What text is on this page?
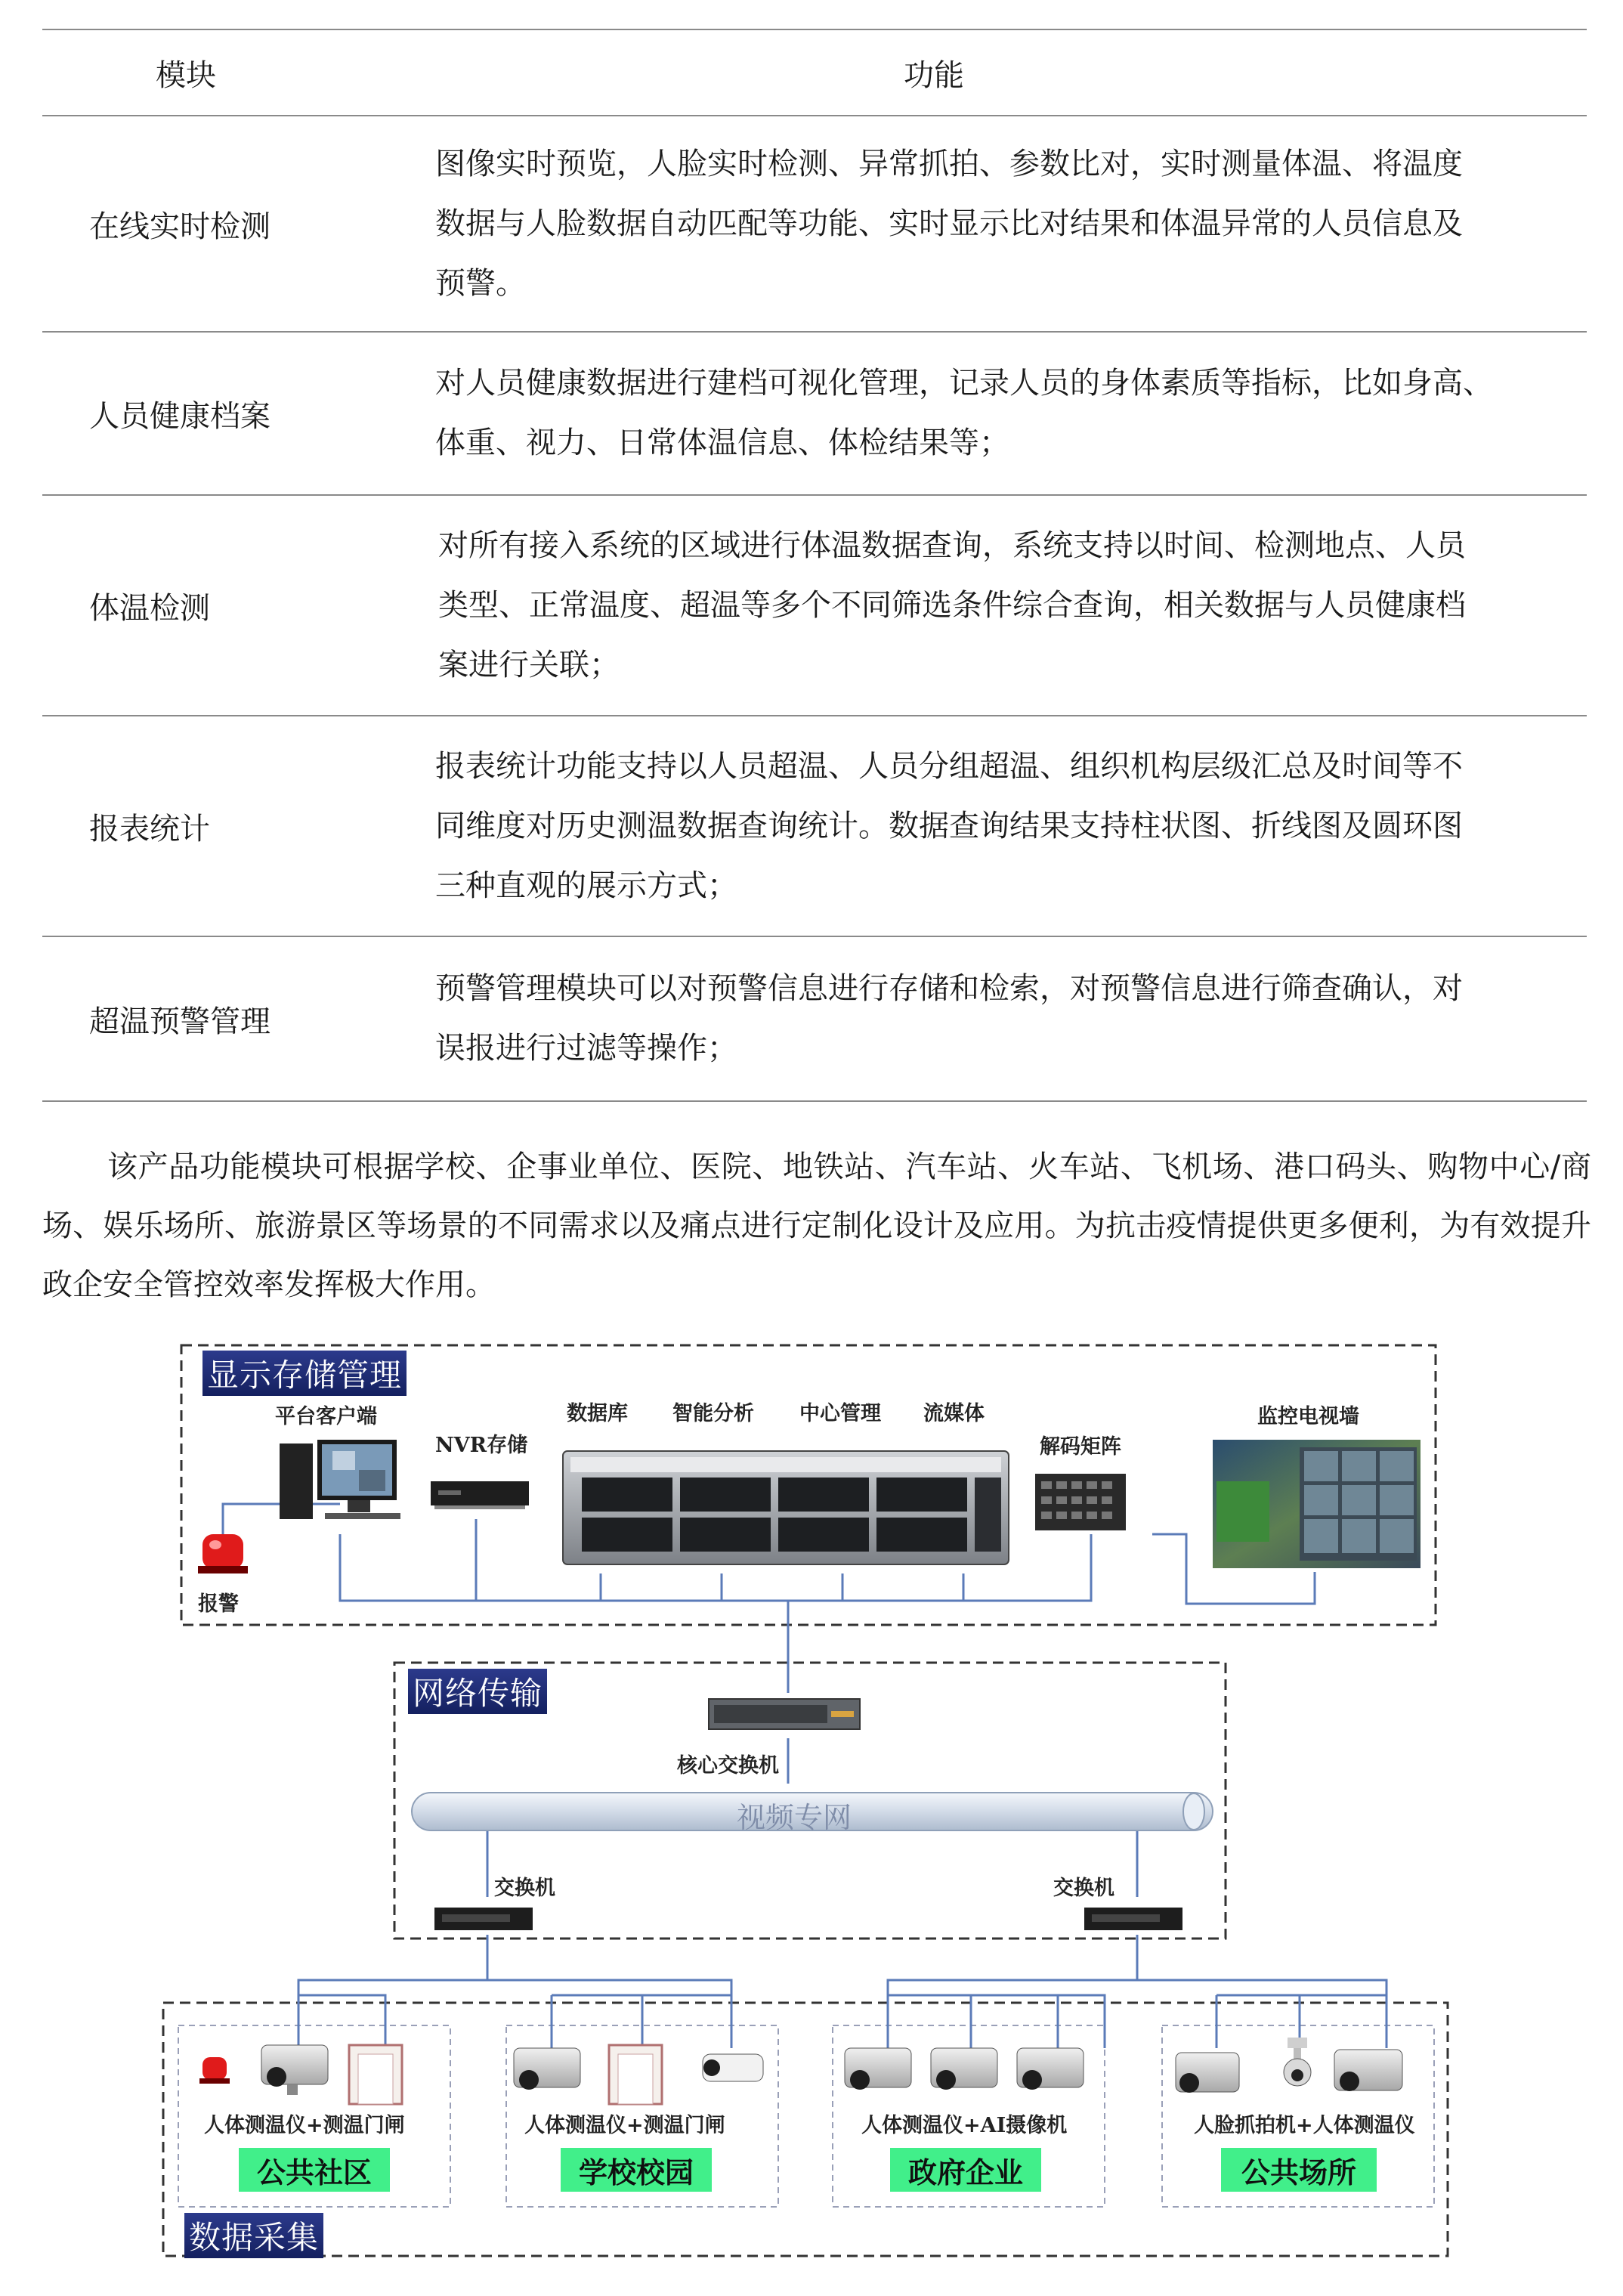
模块	功能
在线实时检测
图像实时预览，人脸实时检测、异常抓拍、参数比对，实时测量体温、将温度
数据与人脸数据自动匹配等功能、实时显示比对结果和体温异常的人员信息及
预警。
人员健康档案
对人员健康数据进行建档可视化管理，记录人员的身体素质等指标，比如身高、
体重、视力、日常体温信息、体检结果等；
体温检测
对所有接入系统的区域进行体温数据查询，系统支持以时间、检测地点、人员
类型、正常温度、超温等多个不同筛选条件综合查询，相关数据与人员健康档
案进行关联；
报表统计
报表统计功能支持以人员超温、人员分组超温、组织机构层级汇总及时间等不
同维度对历史测温数据查询统计。数据查询结果支持柱状图、折线图及圆环图
三种直观的展示方式；
超温预警管理
预警管理模块可以对预警信息进行存储和检索，对预警信息进行筛查确认，对
误报进行过滤等操作；
该产品功能模块可根据学校、企事业单位、医院、地铁站、汽车站、火车站、飞机场、港口码头、购物中心/商场、娱乐场所、旅游景区等场景的不同需求以及痛点进行定制化设计及应用。为抗击疫情提供更多便利，为有效提升政企安全管控效率发挥极大作用。
显示存储管理
网络传输
数据采集
平台客户端
NVR存储
数据库 智能分析 中心管理 流媒体
解码矩阵
监控电视墙
报警
核心交换机
视频专网
交换机	交换机
人体测温仪+测温门闸
公共社区
人体测温仪+测温门闸
学校校园
人体测温仪+AI摄像机
政府企业
人脸抓拍机+人体测温仪
公共场所
